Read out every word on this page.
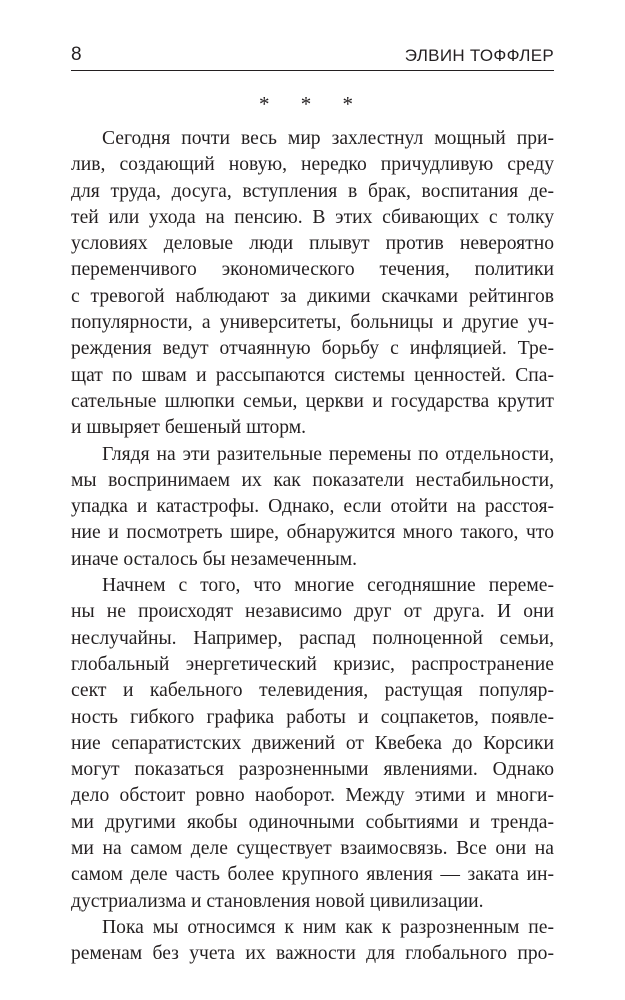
8	ЭЛВИН ТОФФЛЕР
* * *
Сегодня почти весь мир захлестнул мощный при-
лив, создающий новую, нередко причудливую среду
для труда, досуга, вступления в брак, воспитания де-
тей или ухода на пенсию. В этих сбивающих с толку
условиях деловые люди плывут против невероятно
переменчивого экономического течения, политики
с тревогой наблюдают за дикими скачками рейтингов
популярности, а университеты, больницы и другие уч-
реждения ведут отчаянную борьбу с инфляцией. Тре-
щат по швам и рассыпаются системы ценностей. Спа-
сательные шлюпки семьи, церкви и государства крутит
и швыряет бешеный шторм.
Глядя на эти разительные перемены по отдельности,
мы воспринимаем их как показатели нестабильности,
упадка и катастрофы. Однако, если отойти на расстоя-
ние и посмотреть шире, обнаружится много такого, что
иначе осталось бы незамеченным.
Начнем с того, что многие сегодняшние переме-
ны не происходят независимо друг от друга. И они
неслучайны. Например, распад полноценной семьи,
глобальный энергетический кризис, распространение
сект и кабельного телевидения, растущая популяр-
ность гибкого графика работы и соцпакетов, появле-
ние сепаратистских движений от Квебека до Корсики
могут показаться разрозненными явлениями. Однако
дело обстоит ровно наоборот. Между этими и многи-
ми другими якобы одиночными событиями и тренда-
ми на самом деле существует взаимосвязь. Все они на
самом деле часть более крупного явления — заката ин-
дустриализма и становления новой цивилизации.
Пока мы относимся к ним как к разрозненным пе-
ременам без учета их важности для глобального про-
